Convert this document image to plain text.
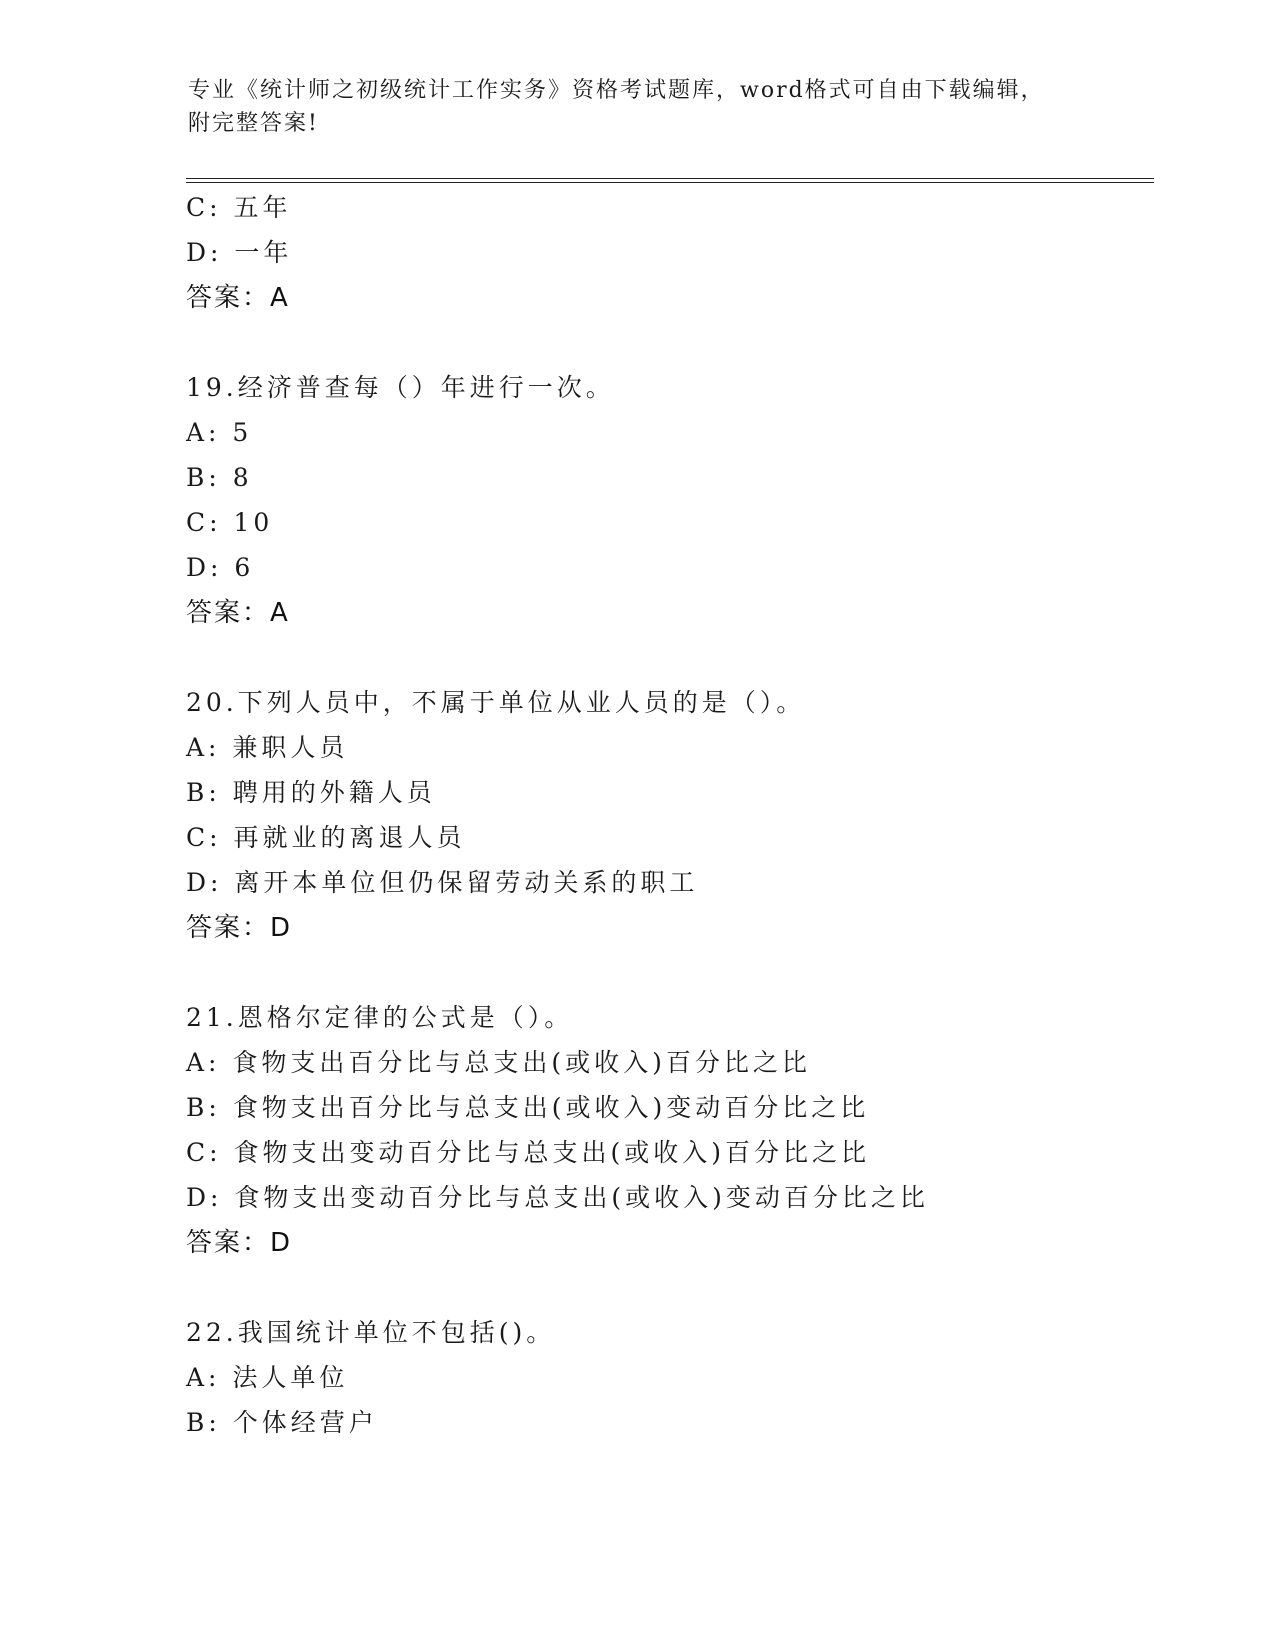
专业《统计师之初级统计工作实务》资格考试题库，word格式可自由下载编辑，
附完整答案!
C: 五年
D: 一年
答案：A
19.经济普查每（）年进行一次。
A: 5
B: 8
C: 10
D: 6
答案：A
20.下列人员中，不属于单位从业人员的是（）。
A: 兼职人员
B: 聘用的外籍人员
C: 再就业的离退人员
D: 离开本单位但仍保留劳动关系的职工
答案：D
21.恩格尔定律的公式是（）。
A: 食物支出百分比与总支出(或收入)百分比之比
B: 食物支出百分比与总支出(或收入)变动百分比之比
C: 食物支出变动百分比与总支出(或收入)百分比之比
D: 食物支出变动百分比与总支出(或收入)变动百分比之比
答案：D
22.我国统计单位不包括()。
A: 法人单位
B: 个体经营户
